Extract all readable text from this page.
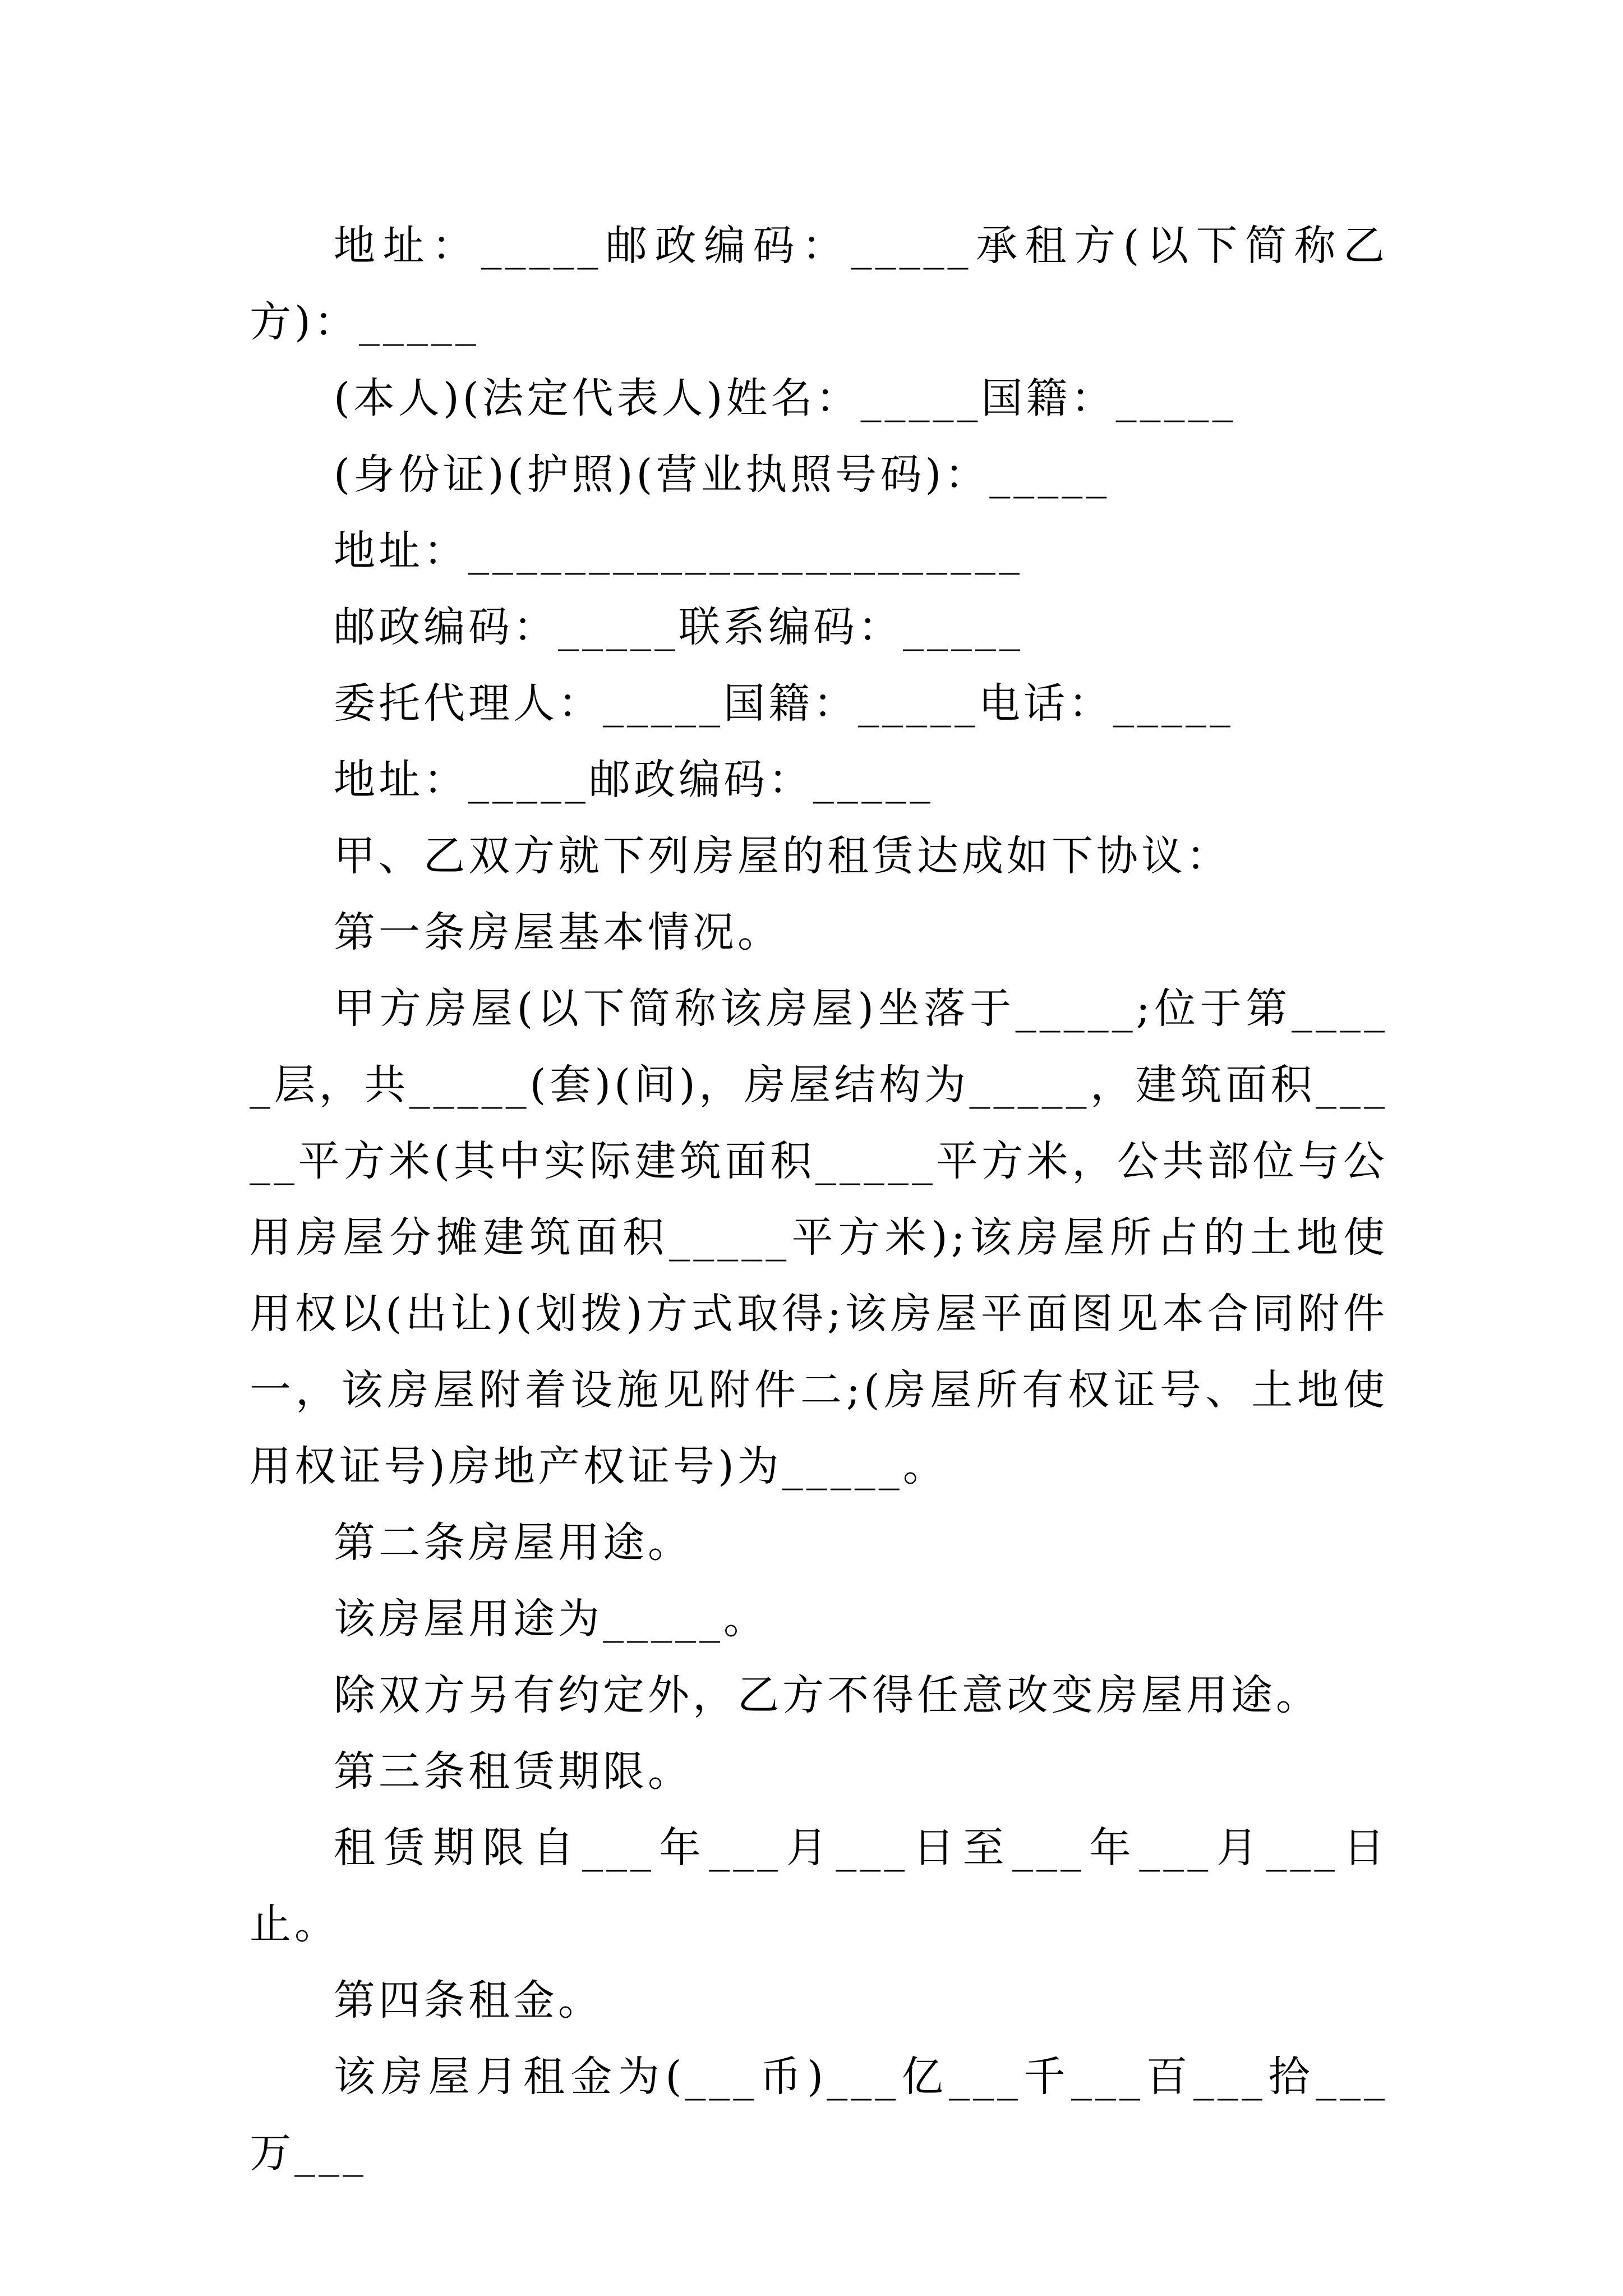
地址：_____邮政编码：_____承租方(以下简称乙方)：_____

(本人)(法定代表人)姓名：_____国籍：_____

(身份证)(护照)(营业执照号码)：_____

地址：_______________________

邮政编码：_____联系编码：_____

委托代理人：_____国籍：_____电话：_____

地址：_____邮政编码：_____

甲、乙双方就下列房屋的租赁达成如下协议：

第一条房屋基本情况。

甲方房屋(以下简称该房屋)坐落于_____;位于第_____层，共_____(套)(间)，房屋结构为_____，建筑面积_____平方米(其中实际建筑面积_____平方米，公共部位与公用房屋分摊建筑面积_____平方米);该房屋所占的土地使用权以(出让)(划拨)方式取得;该房屋平面图见本合同附件一，该房屋附着设施见附件二;(房屋所有权证号、土地使用权证号)房地产权证号)为_____。

第二条房屋用途。

该房屋用途为_____。

除双方另有约定外，乙方不得任意改变房屋用途。

第三条租赁期限。

租赁期限自___年___月___日至___年___月___日止。

第四条租金。

该房屋月租金为(___币)___亿___千___百___拾___万___
